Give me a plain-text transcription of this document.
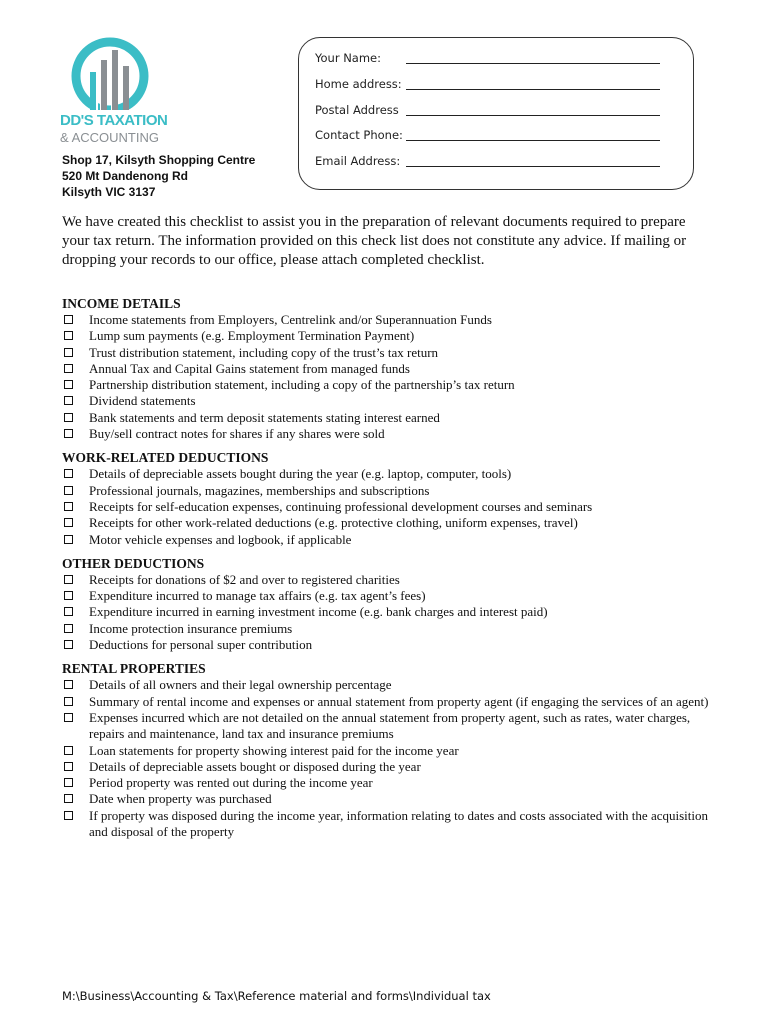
DD'S TAXATION
& ACCOUNTING
Shop 17, Kilsyth Shopping Centre
520 Mt Dandenong Rd
Kilsyth VIC 3137
Your Name:
Home address:
Postal Address
Contact Phone:
Email Address:
We have created this checklist to assist you in the preparation of relevant documents required to prepare your tax return. The information provided on this check list does not constitute any advice. If mailing or dropping your records to our office, please attach completed checklist.
INCOME DETAILS
Income statements from Employers, Centrelink and/or Superannuation Funds
Lump sum payments (e.g. Employment Termination Payment)
Trust distribution statement, including copy of the trust’s tax return
Annual Tax and Capital Gains statement from managed funds
Partnership distribution statement, including a copy of the partnership’s tax return
Dividend statements
Bank statements and term deposit statements stating interest earned
Buy/sell contract notes for shares if any shares were sold
WORK-RELATED DEDUCTIONS
Details of depreciable assets bought during the year (e.g. laptop, computer, tools)
Professional journals, magazines, memberships and subscriptions
Receipts for self-education expenses, continuing professional development courses and seminars
Receipts for other work-related deductions (e.g. protective clothing, uniform expenses, travel)
Motor vehicle expenses and logbook, if applicable
OTHER DEDUCTIONS
Receipts for donations of $2 and over to registered charities
Expenditure incurred to manage tax affairs (e.g. tax agent’s fees)
Expenditure incurred in earning investment income (e.g. bank charges and interest paid)
Income protection insurance premiums
Deductions for personal super contribution
RENTAL PROPERTIES
Details of all owners and their legal ownership percentage
Summary of rental income and expenses or annual statement from property agent (if engaging the services of an agent)
Expenses incurred which are not detailed on the annual statement from property agent, such as rates, water charges, repairs and maintenance, land tax and insurance premiums
Loan statements for property showing interest paid for the income year
Details of depreciable assets bought or disposed during the year
Period property was rented out during the income year
Date when property was purchased
If property was disposed during the income year, information relating to dates and costs associated with the acquisition and disposal of the property
M:\Business\Accounting & Tax\Reference material and forms\Individual tax
